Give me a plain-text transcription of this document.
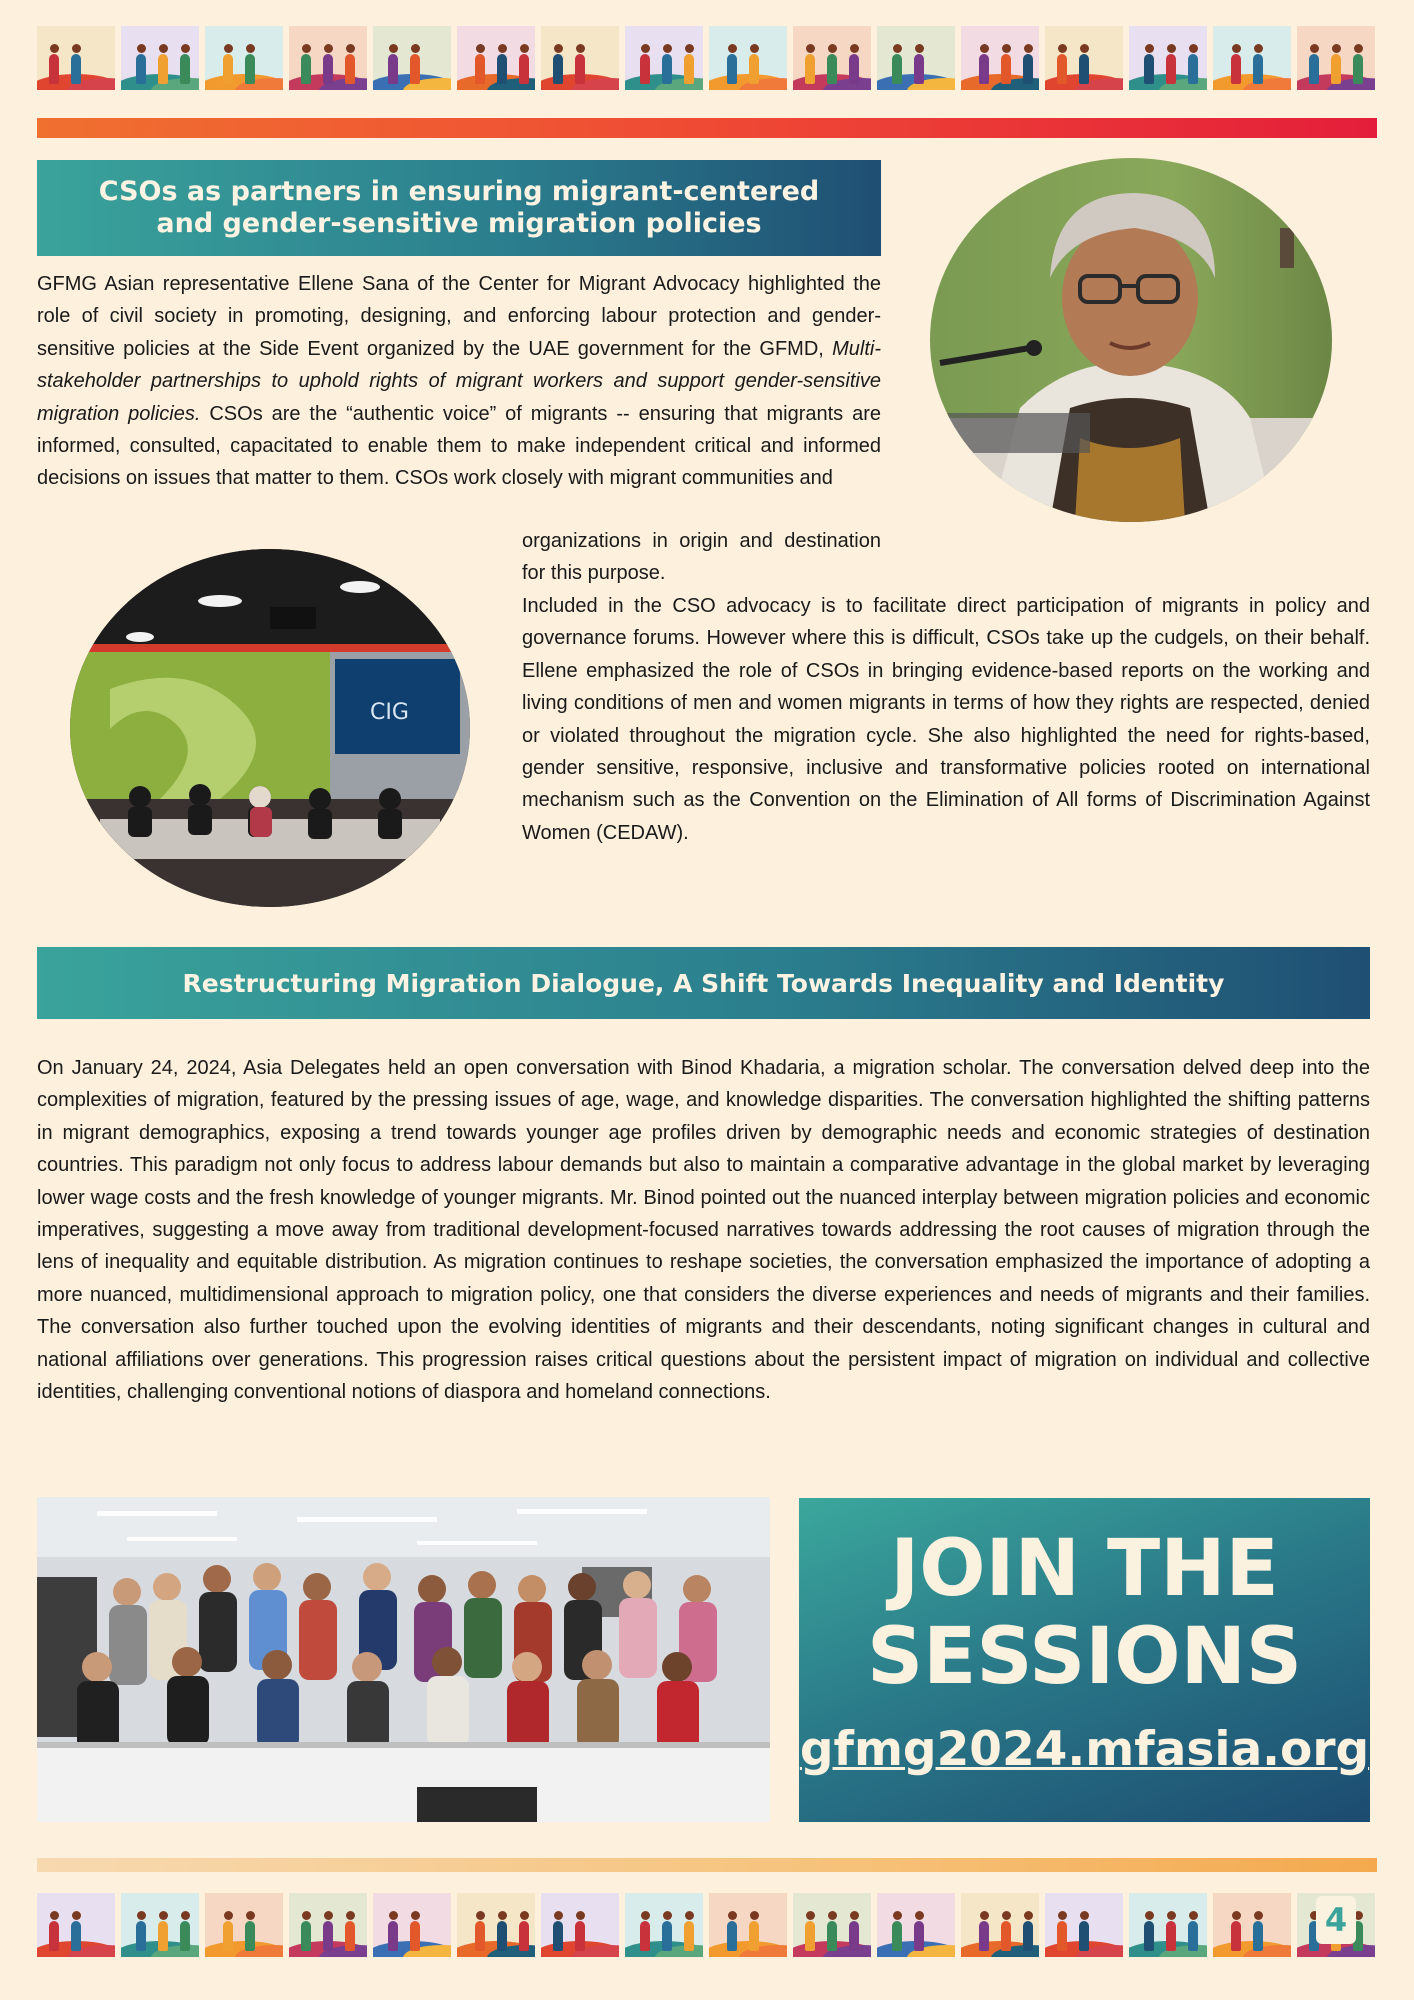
CSOs as partners in ensuring migrant-centered
and gender-sensitive migration policies

GFMG Asian representative Ellene Sana of the Center for Migrant Advocacy highlighted the role of civil society in promoting, designing, and enforcing labour protection and gender-sensitive policies at the Side Event organized by the UAE government for the GFMD, Multi-stakeholder partnerships to uphold rights of migrant workers and support gender-sensitive migration policies. CSOs are the “authentic voice” of migrants -- ensuring that migrants are informed, consulted, capacitated to enable them to make independent critical and informed decisions on issues that matter to them. CSOs work closely with migrant communities and

organizations in origin and destination for this purpose.

CIG

Included in the CSO advocacy is to facilitate direct participation of migrants in policy and governance forums. However where this is difficult, CSOs take up the cudgels, on their behalf. Ellene emphasized the role of CSOs in bringing evidence-based reports on the working and living conditions of men and women migrants in terms of how they rights are respected, denied or violated throughout the migration cycle. She also highlighted the need for rights-based, gender sensitive, responsive, inclusive and transformative policies rooted on international mechanism such as the Convention on the Elimination of All forms of Discrimination Against Women (CEDAW).

Restructuring Migration Dialogue, A Shift Towards Inequality and Identity

On January 24, 2024, Asia Delegates held an open conversation with Binod Khadaria, a migration scholar. The conversation delved deep into the complexities of migration, featured by the pressing issues of age, wage, and knowledge disparities. The conversation highlighted the shifting patterns in migrant demographics, exposing a trend towards younger age profiles driven by demographic needs and economic strategies of destination countries. This paradigm not only focus to address labour demands but also to maintain a comparative advantage in the global market by leveraging lower wage costs and the fresh knowledge of younger migrants. Mr. Binod pointed out the nuanced interplay between migration policies and economic imperatives, suggesting a move away from traditional development-focused narratives towards addressing the root causes of migration through the lens of inequality and equitable distribution. As migration continues to reshape societies, the conversation emphasized the importance of adopting a more nuanced, multidimensional approach to migration policy, one that considers the diverse experiences and needs of migrants and their families. The conversation also further touched upon the evolving identities of migrants and their descendants, noting significant changes in cultural and national affiliations over generations. This progression raises critical questions about the persistent impact of migration on individual and collective identities, challenging conventional notions of diaspora and homeland connections.

JOIN THE
SESSIONS
gfmg2024.mfasia.org
4
